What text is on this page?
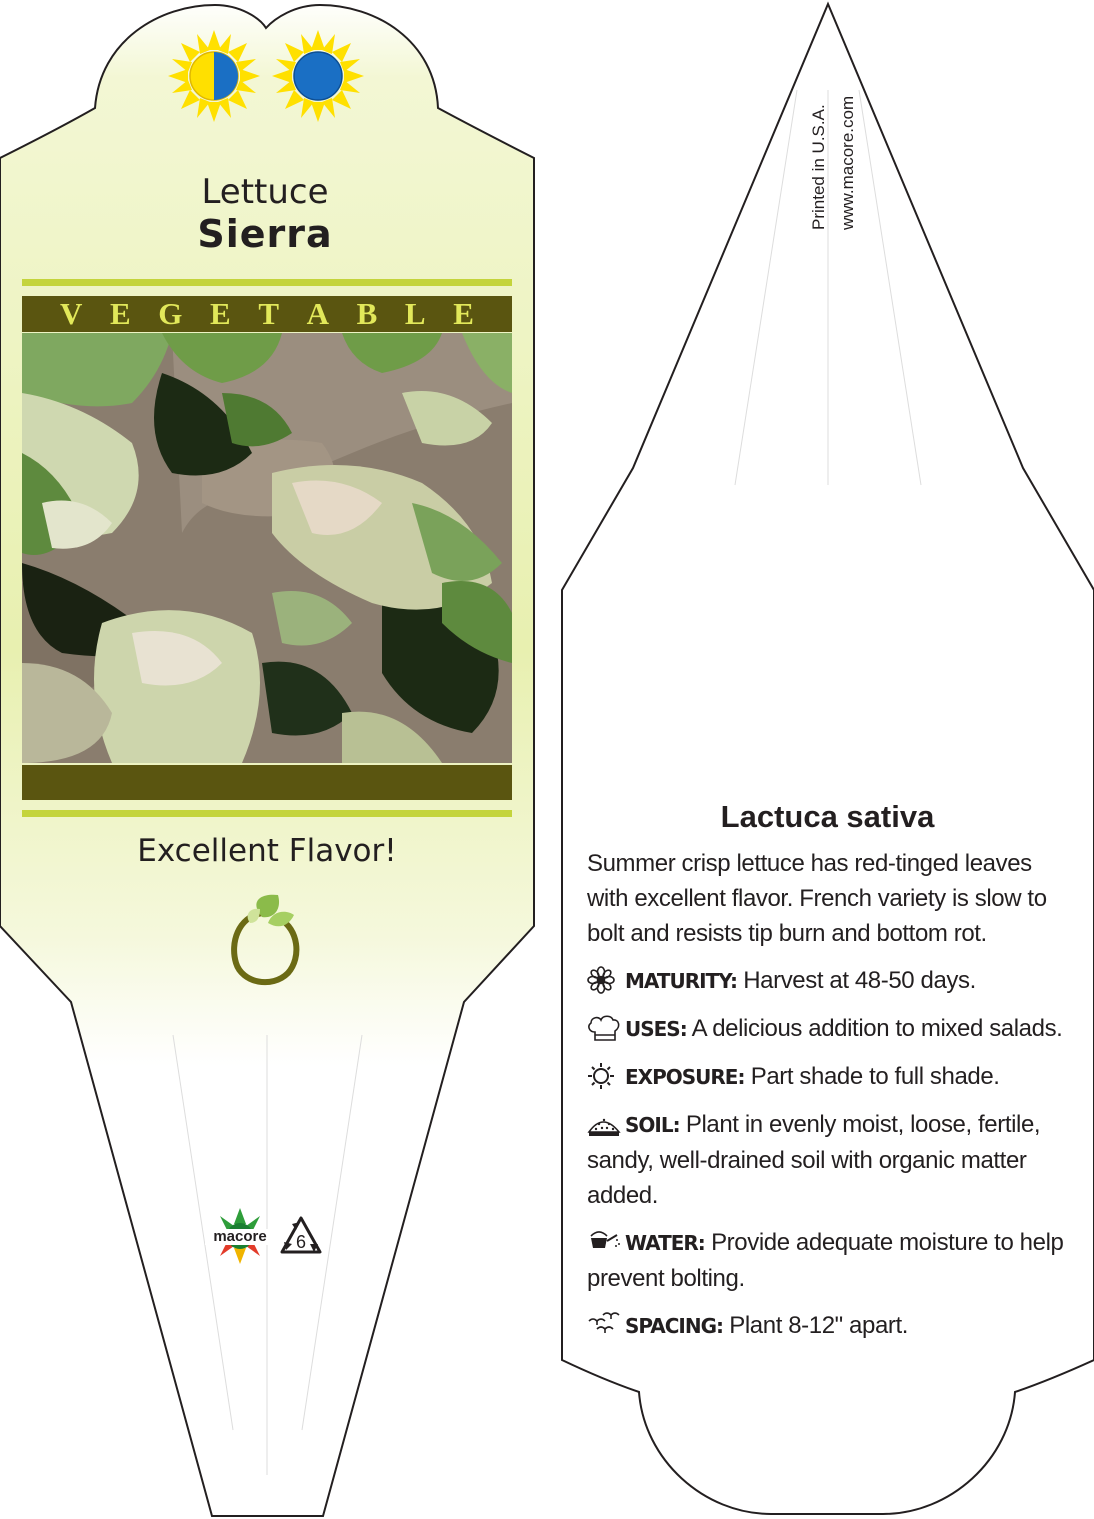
Lettuce
Sierra
V E G E T A B L E
Excellent Flavor!
macore	6
Printed in U.S.A. www.macore.com
Lactuca sativa

Summer crisp lettuce has red-tinged leaves with excellent flavor. French variety is slow to bolt and resists tip burn and bottom rot.

MATURITY: Harvest at 48-50 days.
USES: A delicious addition to mixed salads.
EXPOSURE: Part shade to full shade.
SOIL: Plant in evenly moist, loose, fertile, sandy, well-drained soil with organic matter added.
WATER: Provide adequate moisture to help prevent bolting.
SPACING: Plant 8-12" apart.
